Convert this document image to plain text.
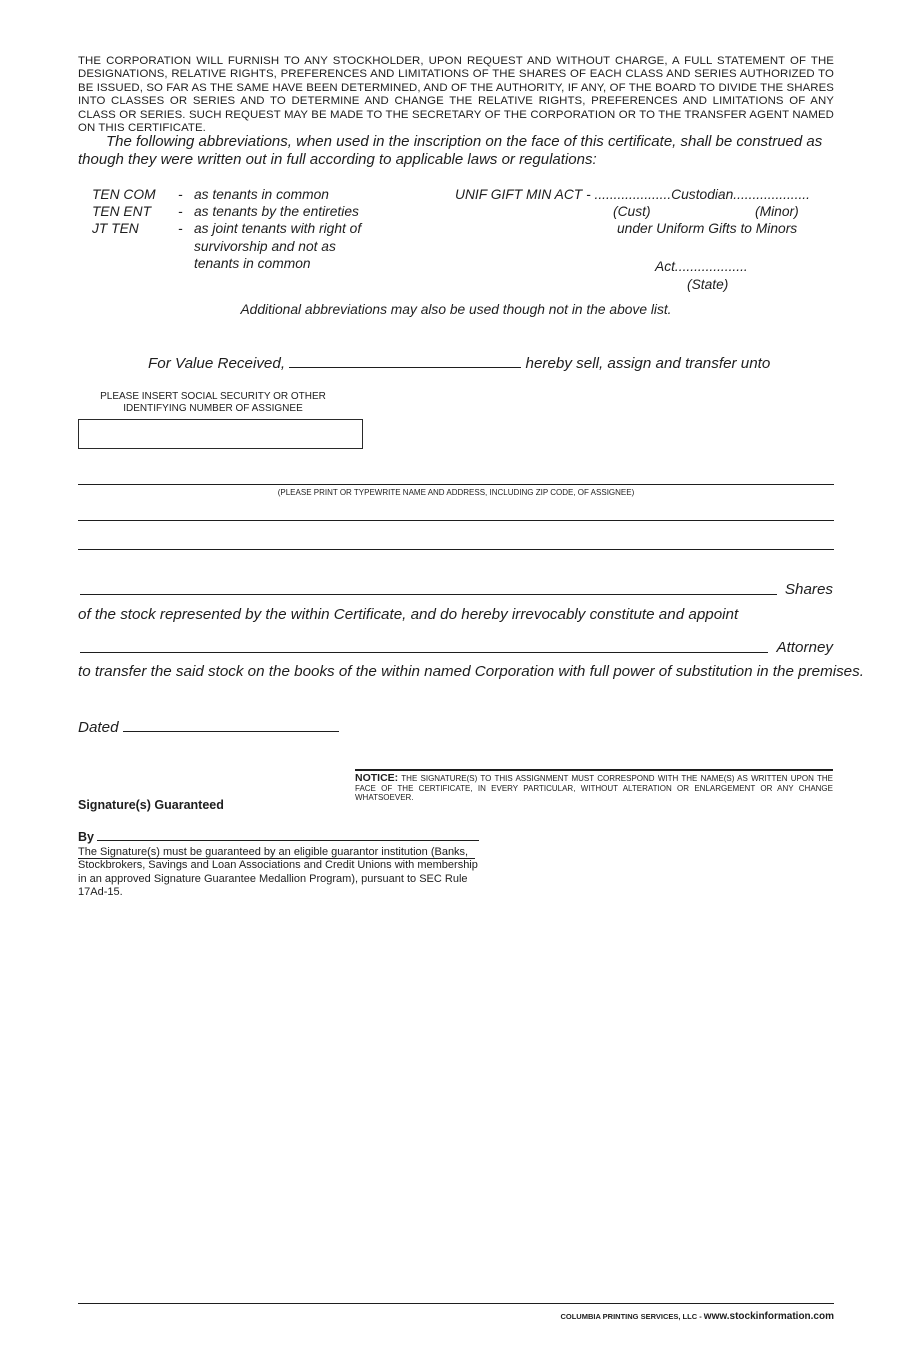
THE CORPORATION WILL FURNISH TO ANY STOCKHOLDER, UPON REQUEST AND WITHOUT CHARGE, A FULL STATEMENT OF THE DESIGNATIONS, RELATIVE RIGHTS, PREFERENCES AND LIMITATIONS OF THE SHARES OF EACH CLASS AND SERIES AUTHORIZED TO BE ISSUED, SO FAR AS THE SAME HAVE BEEN DETERMINED, AND OF THE AUTHORITY, IF ANY, OF THE BOARD TO DIVIDE THE SHARES INTO CLASSES OR SERIES AND TO DETERMINE AND CHANGE THE RELATIVE RIGHTS, PREFERENCES AND LIMITATIONS OF ANY CLASS OR SERIES. SUCH REQUEST MAY BE MADE TO THE SECRETARY OF THE CORPORATION OR TO THE TRANSFER AGENT NAMED ON THIS CERTIFICATE.
The following abbreviations, when used in the inscription on the face of this certificate, shall be construed as though they were written out in full according to applicable laws or regulations:
TEN COM	- as tenants in common
TEN ENT	- as tenants by the entireties
JT TEN	- as joint tenants with right of
survivorship and not as
tenants in common
UNIF GIFT MIN ACT - ....................Custodian....................
(Cust)	(Minor)
under Uniform Gifts to Minors
Act...................
(State)
Additional abbreviations may also be used though not in the above list.
For Value Received,	hereby sell, assign and transfer unto
PLEASE INSERT SOCIAL SECURITY OR OTHER IDENTIFYING NUMBER OF ASSIGNEE
(PLEASE PRINT OR TYPEWRITE NAME AND ADDRESS, INCLUDING ZIP CODE, OF ASSIGNEE)
Shares
of the stock represented by the within Certificate, and do hereby irrevocably constitute and appoint
Attorney
to transfer the said stock on the books of the within named Corporation with full power of substitution in the premises.
Dated
NOTICE: THE SIGNATURE(S) TO THIS ASSIGNMENT MUST CORRESPOND WITH THE NAME(S) AS WRITTEN UPON THE FACE OF THE CERTIFICATE, IN EVERY PARTICULAR, WITHOUT ALTERATION OR ENLARGEMENT OR ANY CHANGE WHATSOEVER.
Signature(s) Guaranteed
By
The Signature(s) must be guaranteed by an eligible guarantor institution (Banks, Stockbrokers, Savings and Loan Associations and Credit Unions with membership in an approved Signature Guarantee Medallion Program), pursuant to SEC Rule 17Ad-15.
COLUMBIA PRINTING SERVICES, LLC - www.stockinformation.com
